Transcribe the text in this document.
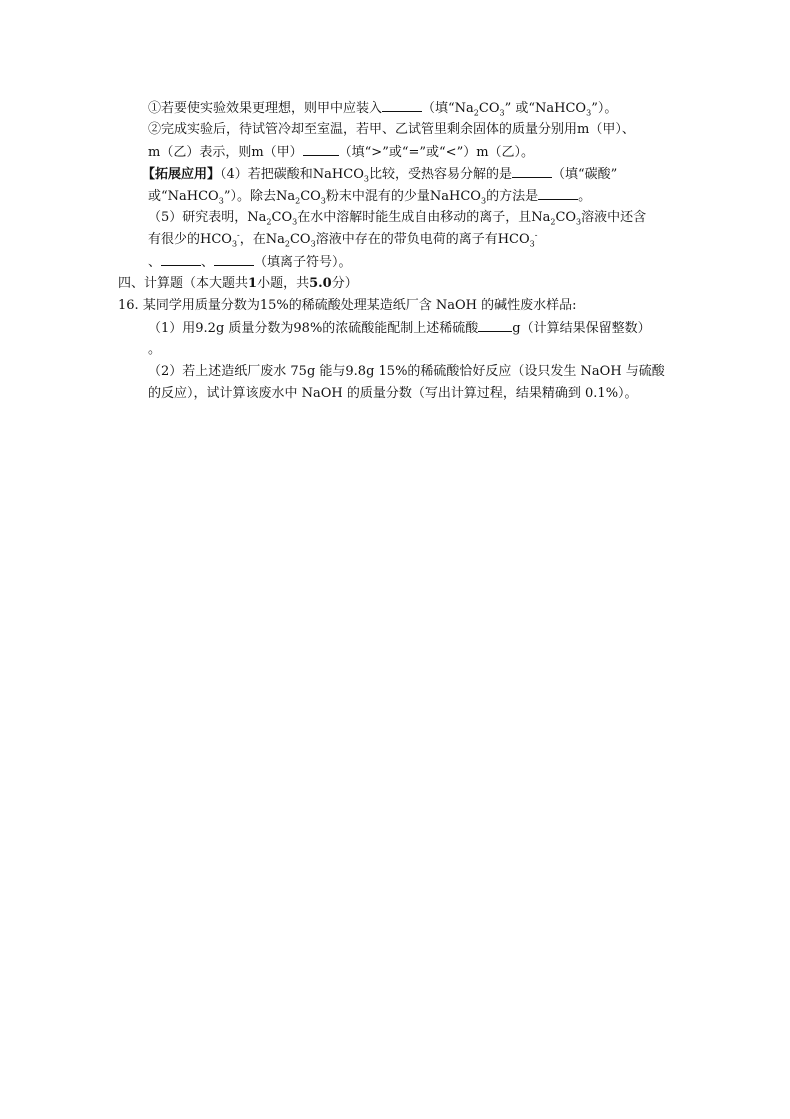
①若要使实验效果更理想，则甲中应装入	（填“$Na_2CO_3$” 或“NaHCO$_3$”）。
②完成实验后，待试管冷却至室温，若甲、乙试管里剩余固体的质量分别用m（甲）、
m（乙）表示，则m（甲）	（填“>”或“=”或“<”）m（乙）。
【拓展应用】（4）若把碳酸和NaHCO$_3$比较，受热容易分解的是	（填“碳酸”
或“NaHCO$_3$”）。除去$Na_2CO_3$粉末中混有的少量NaHCO$_3$的方法是	。
（5）研究表明，$Na_2CO_3$在水中溶解时能生成自由移动的离子，且$Na_2CO_3$溶液中还含
有很少的$HCO_3^-$，在$Na_2CO_3$溶液中存在的带负电荷的离子有$HCO_3^-$
、	、	（填离子符号）。
四、计算题（本大题共1小题，共5.0分）
16. 某同学用质量分数为15%的稀硫酸处理某造纸厂含 NaOH 的碱性废水样品:
（1）用9.2g 质量分数为98%的浓硫酸能配制上述稀硫酸	g（计算结果保留整数）
。
（2）若上述造纸厂废水 75g 能与9.8g 15%的稀硫酸恰好反应（设只发生 NaOH 与硫酸
的反应），试计算该废水中 NaOH 的质量分数（写出计算过程，结果精确到 0.1%）。
